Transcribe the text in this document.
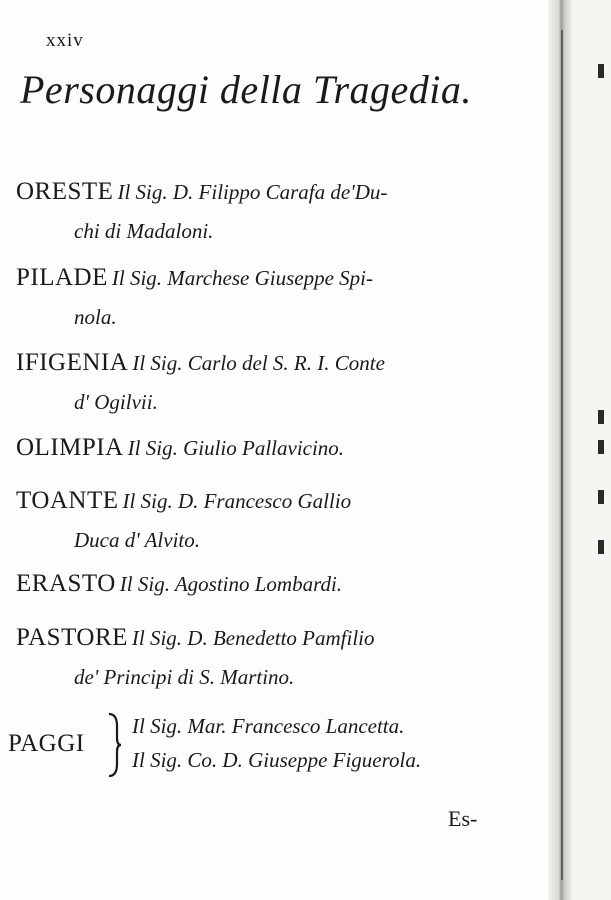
xxiv
Personaggi della Tragedia.
ORESTE Il Sig. D. Filippo Carafa de'Du-
chi di Madaloni.
PILADE Il Sig. Marchese Giuseppe Spi-
nola.
IFIGENIA Il Sig. Carlo del S. R. I. Conte
d' Ogilvii.
OLIMPIA Il Sig. Giulio Pallavicino.
TOANTE Il Sig. D. Francesco Gallio
Duca d' Alvito.
ERASTO Il Sig. Agostino Lombardi.
PASTORE Il Sig. D. Benedetto Pamfilio
de' Principi di S. Martino.
PAGGI
Il Sig. Mar. Francesco Lancetta.
Il Sig. Co. D. Giuseppe Figuerola.
Es-
